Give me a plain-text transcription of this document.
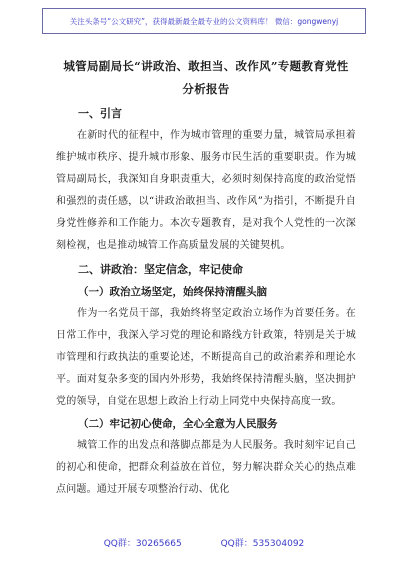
关注头条号“公文研究”，获得最新最全最专业的公文资料库！ 微信：gongwenyj

城管局副局长“讲政治、敢担当、改作风”专题教育党性

分析报告

一、引言

在新时代的征程中，作为城市管理的重要力量，城管局承担着维护城市秩序、提升城市形象、服务市民生活的重要职责。作为城管局副局长，我深知自身职责重大，必须时刻保持高度的政治觉悟和强烈的责任感，以“讲政治敢担当、改作风”为指引，不断提升自身党性修养和工作能力。本次专题教育，是对我个人党性的一次深刻检视，也是推动城管工作高质量发展的关键契机。

二、讲政治：坚定信念，牢记使命

（一）政治立场坚定，始终保持清醒头脑

作为一名党员干部，我始终将坚定政治立场作为首要任务。在日常工作中，我深入学习党的理论和路线方针政策，特别是关于城市管理和行政执法的重要论述，不断提高自己的政治素养和理论水平。面对复杂多变的国内外形势，我始终保持清醒头脑，坚决拥护党的领导，自觉在思想上政治上行动上同党中央保持高度一致。

（二）牢记初心使命，全心全意为人民服务

城管工作的出发点和落脚点都是为人民服务。我时刻牢记自己的初心和使命，把群众利益放在首位，努力解决群众关心的热点难点问题。通过开展专项整治行动、优化

QQ群：30265665	QQ群：535304092
